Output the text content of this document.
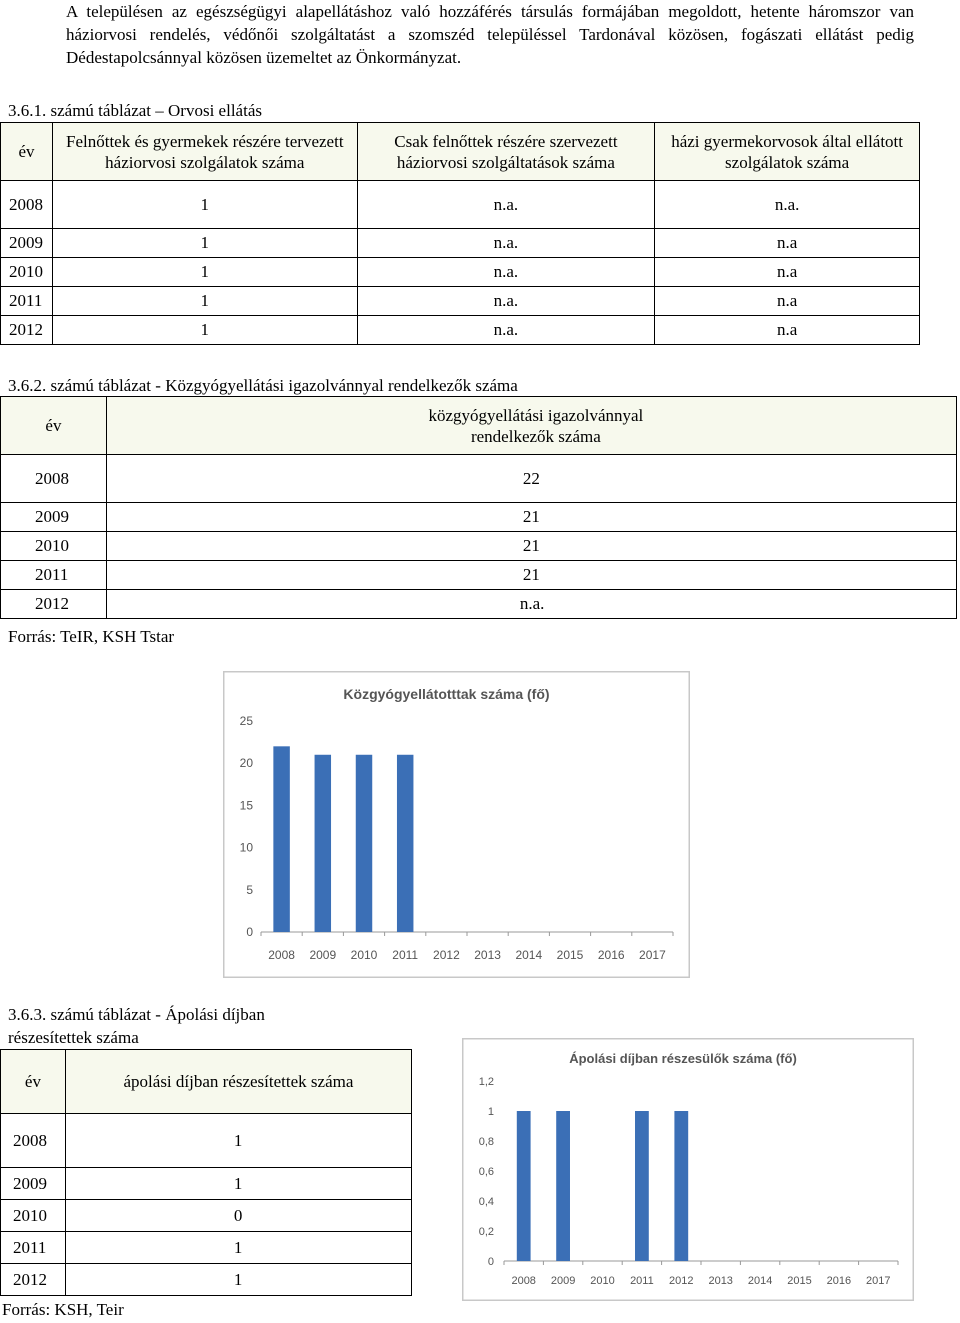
A településen az egészségügyi alapellátáshoz való hozzáférés társulás formájában megoldott, hetente háromszor van háziorvosi rendelés, védőnői szolgáltatást a szomszéd településsel Tardonával közösen, fogászati ellátást pedig Dédestapolcsánnyal közösen üzemeltet az Önkormányzat.

3.6.1. számú táblázat – Orvosi ellátás
év	Felnőttek és gyermekek részére tervezett háziorvosi szolgálatok száma	Csak felnőttek részére szervezett háziorvosi szolgáltatások száma	házi gyermekorvosok által ellátott szolgálatok száma
2008	1	n.a.	n.a.
2009	1	n.a.	n.a
2010	1	n.a.	n.a
2011	1	n.a.	n.a
2012	1	n.a.	n.a
3.6.2. számú táblázat - Közgyógyellátási igazolvánnyal rendelkezők száma
év	közgyógyellátási igazolvánnyal rendelkezők száma

2008	22
2009	21
2010	21
2011	21
2012	n.a.
Forrás: TeIR, KSH Tstar
Közgyógyellátotttak száma (fő)
0
5
10
15
20
25
2008 2009 2010 2011 2012 2013 2014 2015 2016 2017
3.6.3. számú táblázat - Ápolási díjban
részesítettek száma
év	ápolási díjban részesítettek száma
2008	1
2009	1
2010	0
2011	1
2012	1
Forrás: KSH, Teir
Ápolási díjban részesülők száma (fő)
0
0,2
0,4
0,6
0,8
1
1,2
2008 2009 2010 2011 2012 2013 2014 2015 2016 2017
